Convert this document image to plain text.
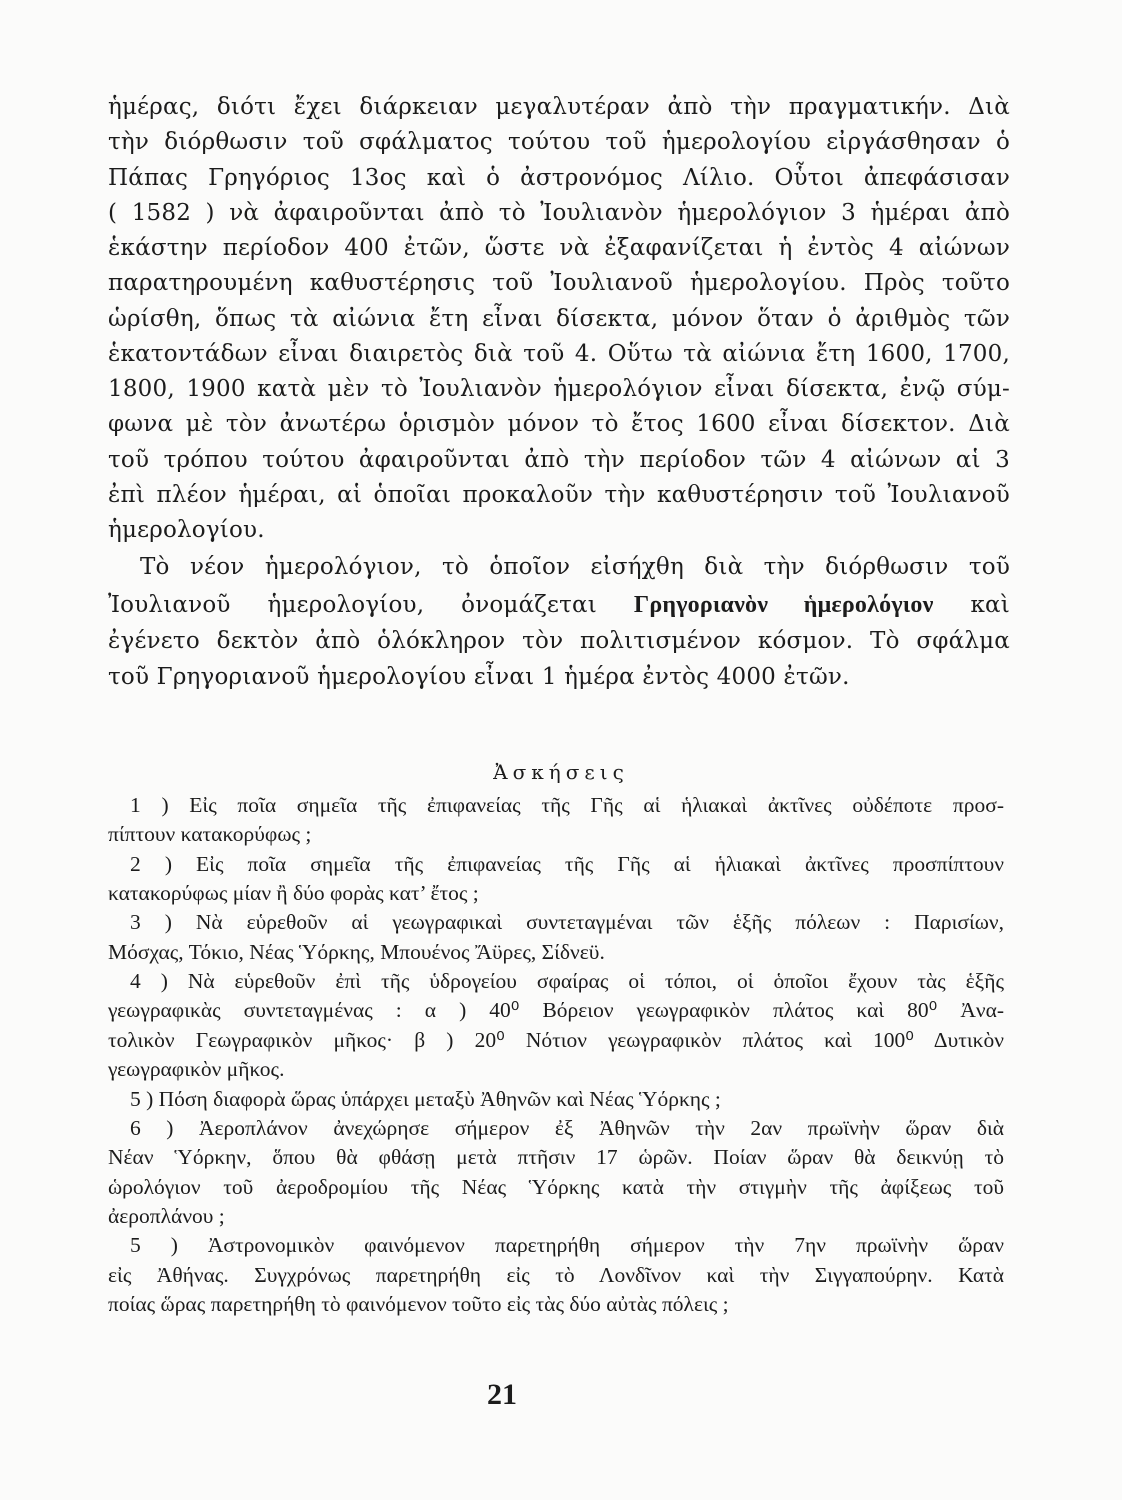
ἡμέρας, διότι ἔχει διάρκειαν μεγαλυτέραν ἀπὸ τὴν πραγματικήν. Διὰ
τὴν διόρθωσιν τοῦ σφάλματος τούτου τοῦ ἡμερολογίου εἰργάσθησαν ὁ
Πάπας Γρηγόριος 13ος καὶ ὁ ἀστρονόμος Λίλιο. Οὗτοι ἀπεφάσισαν
( 1582 ) νὰ ἀφαιροῦνται ἀπὸ τὸ Ἰουλιανὸν ἡμερολόγιον 3 ἡμέραι ἀπὸ
ἑκάστην περίοδον 400 ἐτῶν, ὥστε νὰ ἐξαφανίζεται ἡ ἐντὸς 4 αἰώνων
παρατηρουμένη καθυστέρησις τοῦ Ἰουλιανοῦ ἡμερολογίου. Πρὸς τοῦτο
ὡρίσθη, ὅπως τὰ αἰώνια ἔτη εἶναι δίσεκτα, μόνον ὅταν ὁ ἀριθμὸς τῶν
ἑκατοντάδων εἶναι διαιρετὸς διὰ τοῦ 4. Οὕτω τὰ αἰώνια ἔτη 1600, 1700,
1800, 1900 κατὰ μὲν τὸ Ἰουλιανὸν ἡμερολόγιον εἶναι δίσεκτα, ἐνῷ σύμ-
φωνα μὲ τὸν ἀνωτέρω ὁρισμὸν μόνον τὸ ἔτος 1600 εἶναι δίσεκτον. Διὰ
τοῦ τρόπου τούτου ἀφαιροῦνται ἀπὸ τὴν περίοδον τῶν 4 αἰώνων αἱ 3
ἐπὶ πλέον ἡμέραι, αἱ ὁποῖαι προκαλοῦν τὴν καθυστέρησιν τοῦ Ἰουλιανοῦ
ἡμερολογίου.
Τὸ νέον ἡμερολόγιον, τὸ ὁποῖον εἰσήχθη διὰ τὴν διόρθωσιν τοῦ
Ἰουλιανοῦ ἡμερολογίου, ὀνομάζεται Γρηγοριανὸν ἡμερολόγιον καὶ
ἐγένετο δεκτὸν ἀπὸ ὁλόκληρον τὸν πολιτισμένον κόσμον. Τὸ σφάλμα
τοῦ Γρηγοριανοῦ ἡμερολογίου εἶναι 1 ἡμέρα ἐντὸς 4000 ἐτῶν.
Ἀσκήσεις
1 ) Εἰς ποῖα σημεῖα τῆς ἐπιφανείας τῆς Γῆς αἱ ἡλιακαὶ ἀκτῖνες οὐδέποτε προσ-
πίπτουν κατακορύφως ;
2 ) Εἰς ποῖα σημεῖα τῆς ἐπιφανείας τῆς Γῆς αἱ ἡλιακαὶ ἀκτῖνες προσπίπτουν
κατακορύφως μίαν ἢ δύο φορὰς κατ’ ἔτος ;
3 ) Νὰ εὑρεθοῦν αἱ γεωγραφικαὶ συντεταγμέναι τῶν ἑξῆς πόλεων : Παρισίων,
Μόσχας, Τόκιο, Νέας Ὑόρκης, Μπουένος Ἄϋρες, Σίδνεϋ.
4 ) Νὰ εὑρεθοῦν ἐπὶ τῆς ὑδρογείου σφαίρας οἱ τόποι, οἱ ὁποῖοι ἔχουν τὰς ἑξῆς
γεωγραφικὰς συντεταγμένας : α ) 40⁰ Βόρειον γεωγραφικὸν πλάτος καὶ 80⁰ Ἀνα-
τολικὸν Γεωγραφικὸν μῆκος· β ) 20⁰ Νότιον γεωγραφικὸν πλάτος καὶ 100⁰ Δυτικὸν
γεωγραφικὸν μῆκος.
5 ) Πόση διαφορὰ ὥρας ὑπάρχει μεταξὺ Ἀθηνῶν καὶ Νέας Ὑόρκης ;
6 ) Ἀεροπλάνον ἀνεχώρησε σήμερον ἐξ Ἀθηνῶν τὴν 2αν πρωϊνὴν ὥραν διὰ
Νέαν Ὑόρκην, ὅπου θὰ φθάσῃ μετὰ πτῆσιν 17 ὡρῶν. Ποίαν ὥραν θὰ δεικνύῃ τὸ
ὡρολόγιον τοῦ ἀεροδρομίου τῆς Νέας Ὑόρκης κατὰ τὴν στιγμὴν τῆς ἀφίξεως τοῦ
ἀεροπλάνου ;
5 ) Ἀστρονομικὸν φαινόμενον παρετηρήθη σήμερον τὴν 7ην πρωϊνὴν ὥραν
εἰς Ἀθήνας. Συγχρόνως παρετηρήθη εἰς τὸ Λονδῖνον καὶ τὴν Σιγγαπούρην. Κατὰ
ποίας ὥρας παρετηρήθη τὸ φαινόμενον τοῦτο εἰς τὰς δύο αὐτὰς πόλεις ;
21
